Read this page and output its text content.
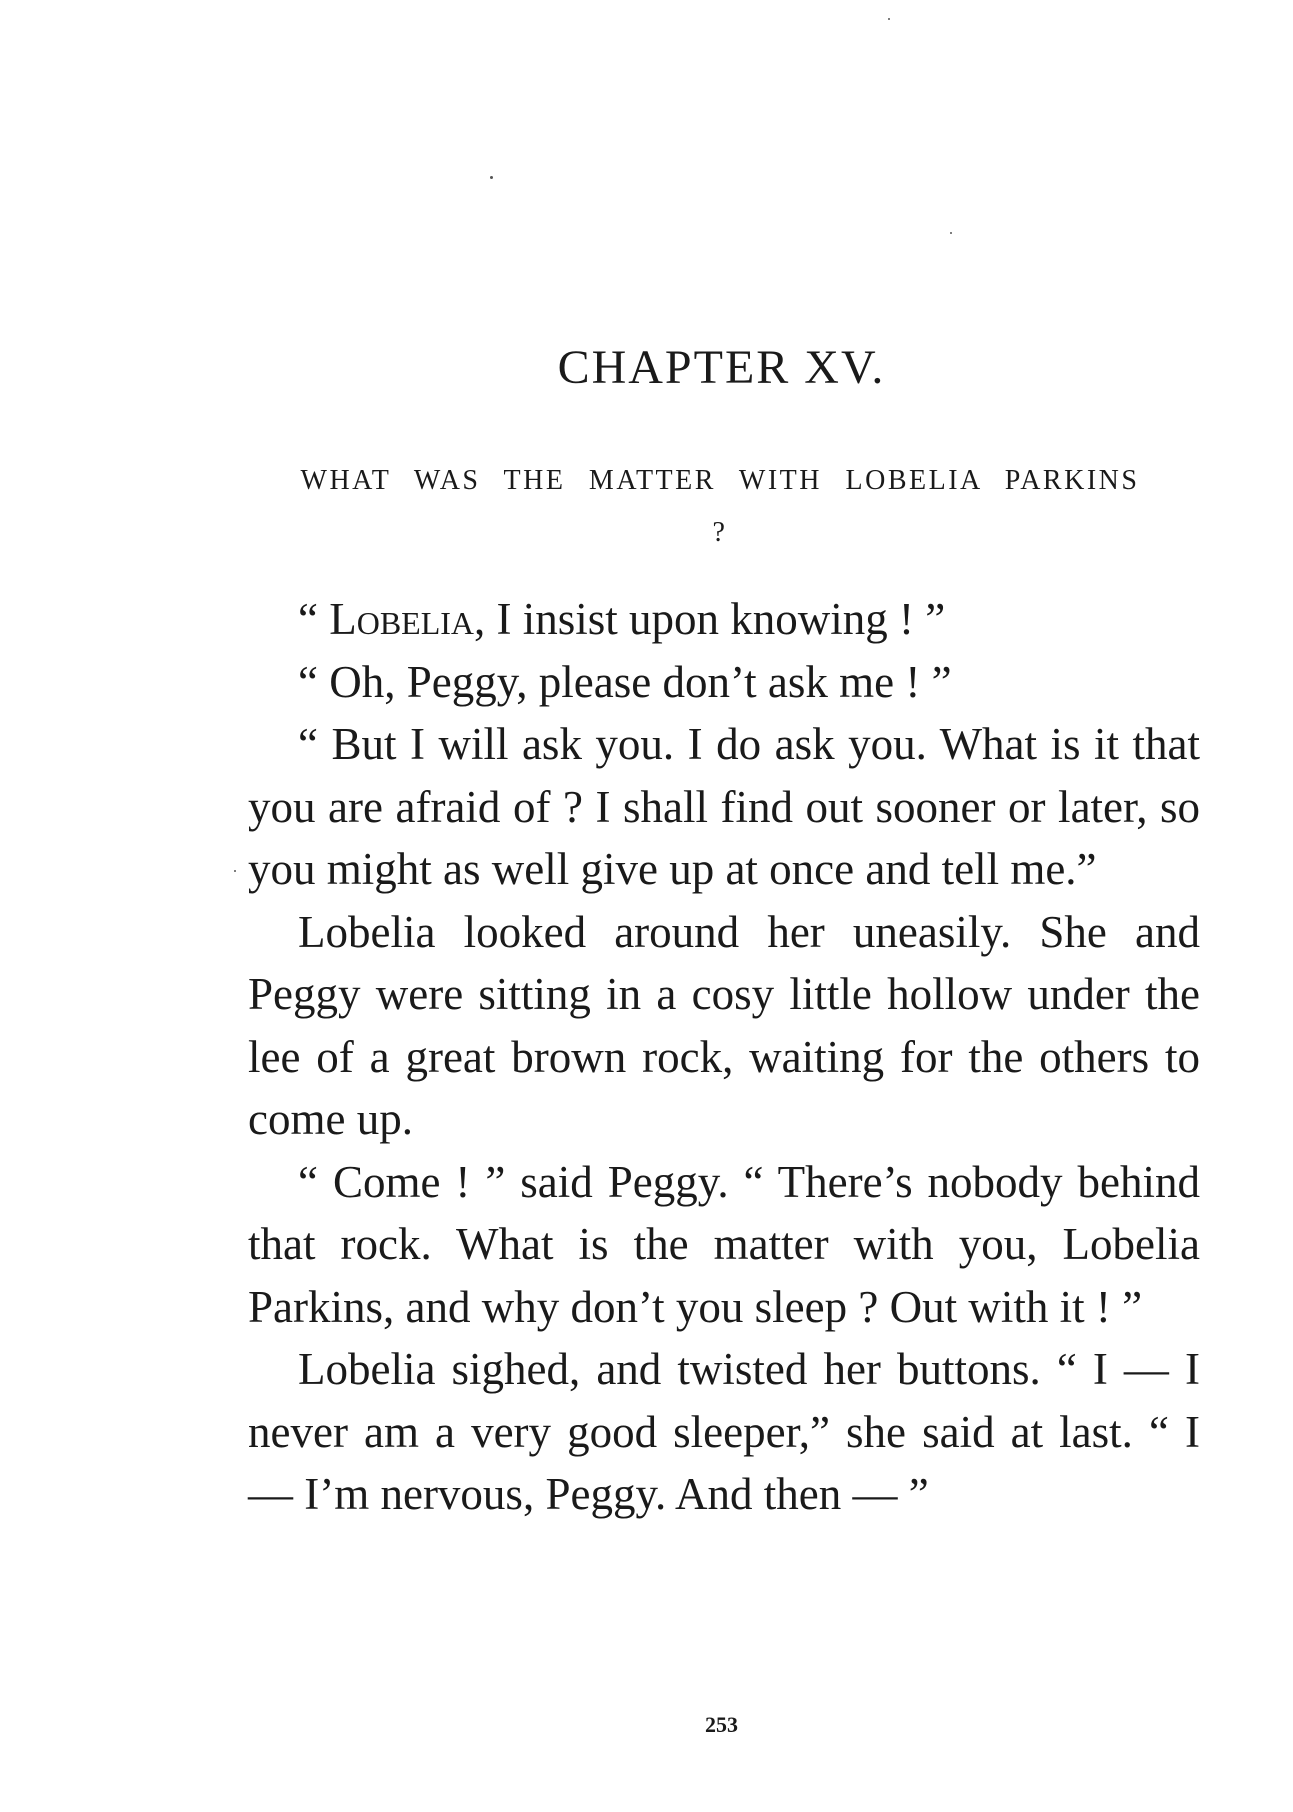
CHAPTER XV.
WHAT WAS THE MATTER WITH LOBELIA PARKINS ?

“ Lobelia, I insist upon knowing ! ”

“ Oh, Peggy, please don’t ask me ! ”

“ But I will ask you. I do ask you. What is it that you are afraid of ? I shall find out sooner or later, so you might as well give up at once and tell me.”

Lobelia looked around her uneasily. She and Peggy were sitting in a cosy little hollow under the lee of a great brown rock, waiting for the others to come up.

“ Come ! ” said Peggy. “ There’s nobody behind that rock. What is the matter with you, Lobelia Parkins, and why don’t you sleep ? Out with it ! ”

Lobelia sighed, and twisted her buttons. “ I — I never am a very good sleeper,” she said at last. “ I — I’m nervous, Peggy. And then — ”

253
